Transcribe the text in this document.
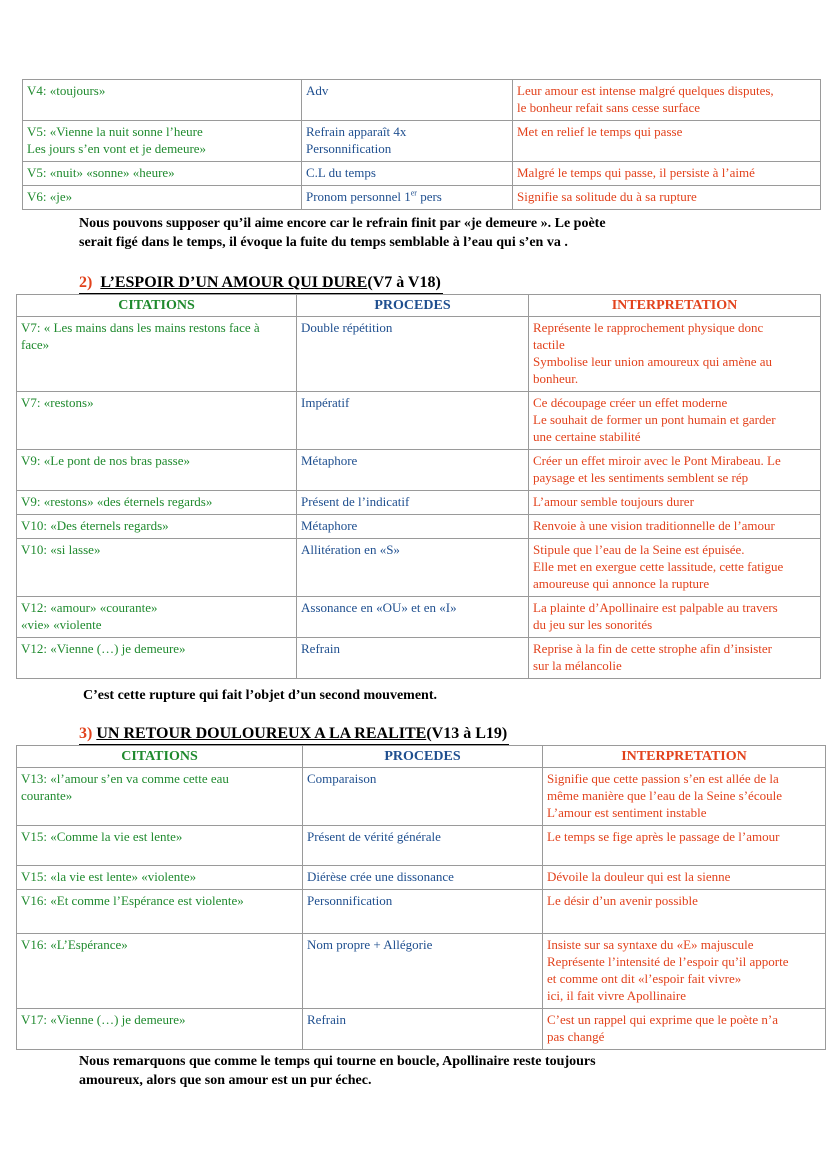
V4: «toujours»	Adv	Leur amour est intense malgré quelques disputes,
le bonheur refait sans cesse surface

V5: «Vienne la nuit sonne l’heure
Les jours s’en vont et je demeure»	Refrain apparaît 4x
Personnification	Met en relief le temps qui passe

V5: «nuit» «sonne» «heure»	C.L du temps	Malgré le temps qui passe, il persiste à l’aimé

V6: «je»	Pronom personnel 1er pers	Signifie sa solitude du à sa rupture
Nous pouvons supposer qu’il aime encore car le refrain finit par «je demeure ». Le poète
serait figé dans le temps, il évoque la fuite du temps semblable à l’eau qui s’en va .
2) L’ESPOIR D’UN AMOUR QUI DURE(V7 à V18)
CITATIONS	PROCEDES	INTERPRETATION

V7: « Les mains dans les mains restons face à
face»	Double répétition	Représente le rapprochement physique donc
tactile
Symbolise leur union amoureux qui amène au
bonheur.

V7: «restons»	Impératif	Ce découpage créer un effet moderne
Le souhait de former un pont humain et garder
une certaine stabilité

V9: «Le pont de nos bras passe»	Métaphore	Créer un effet miroir avec le Pont Mirabeau. Le
paysage et les sentiments semblent se rép

V9: «restons» «des éternels regards»	Présent de l’indicatif	L’amour semble toujours durer

V10: «Des éternels regards»	Métaphore	Renvoie à une vision traditionnelle de l’amour

V10: «si lasse»	Allitération en «S»	Stipule que l’eau de la Seine est épuisée.
Elle met en exergue cette lassitude, cette fatigue
amoureuse qui annonce la rupture

V12: «amour» «courante»
«vie» «violente	Assonance en «OU» et en «I»	La plainte d’Apollinaire est palpable au travers
du jeu sur les sonorités

V12: «Vienne (…) je demeure»	Refrain	Reprise à la fin de cette strophe afin d’insister
sur la mélancolie
C’est cette rupture qui fait l’objet d’un second mouvement.
3) UN RETOUR DOULOUREUX A LA REALITE(V13 à L19)
CITATIONS	PROCEDES	INTERPRETATION

V13: «l’amour s’en va comme cette eau
courante»	Comparaison	Signifie que cette passion s’en est allée de la
même manière que l’eau de la Seine s’écoule
L’amour est sentiment instable

V15: «Comme la vie est lente»	Présent de vérité générale	Le temps se fige après le passage de l’amour

V15: «la vie est lente» «violente»	Diérèse crée une dissonance	Dévoile la douleur qui est la sienne

V16: «Et comme l’Espérance est violente»	Personnification	Le désir d’un avenir possible

V16: «L’Espérance»	Nom propre + Allégorie	Insiste sur sa syntaxe du «E» majuscule
Représente l’intensité de l’espoir qu’il apporte
et comme ont dit «l’espoir fait vivre»
ici, il fait vivre Apollinaire

V17: «Vienne (…) je demeure»	Refrain	C’est un rappel qui exprime que le poète n’a
pas changé
Nous remarquons que comme le temps qui tourne en boucle, Apollinaire reste toujours
amoureux, alors que son amour est un pur échec.
